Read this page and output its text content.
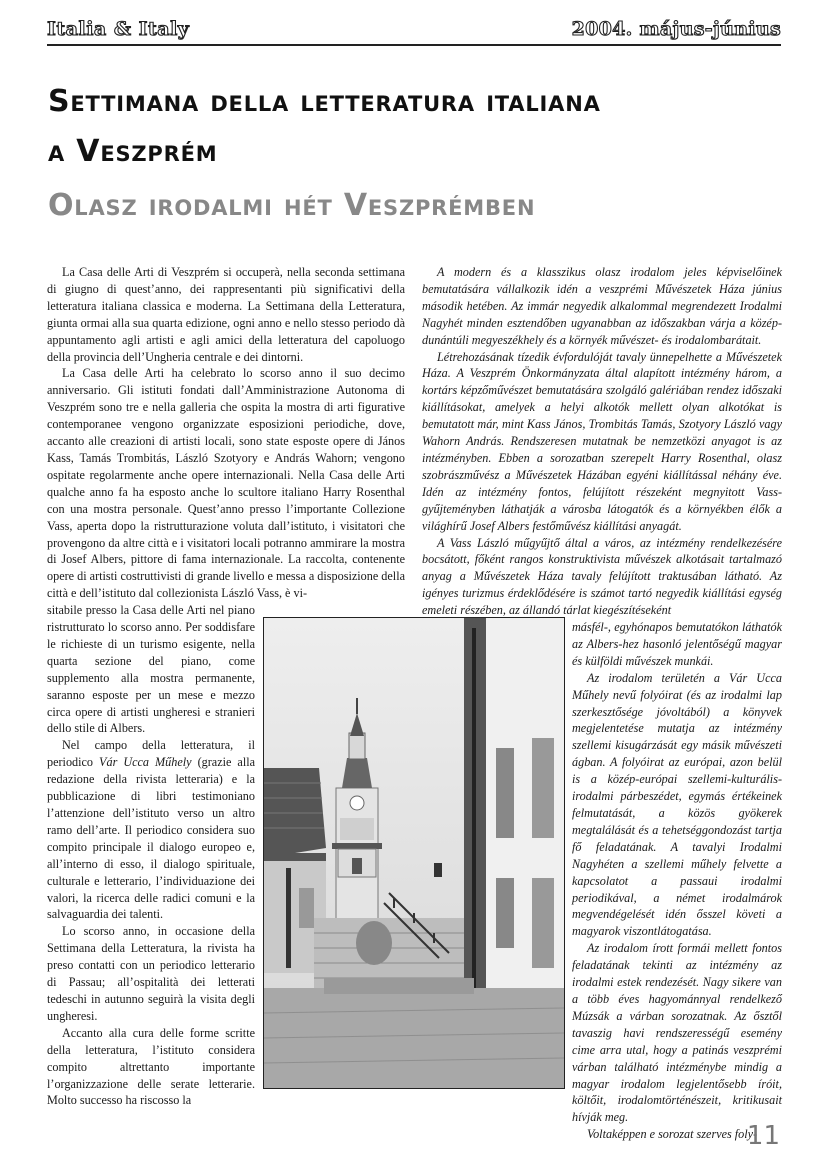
Italia & Italy	2004. május-június
Settimana della letteratura italiana
a Veszprém
Olasz irodalmi hét Veszprémben

La Casa delle Arti di Veszprém si occuperà, nella seconda settimana di giugno di quest’anno, dei rappresentanti più significativi della letteratura italiana classica e moderna. La Settimana della Letteratura, giunta ormai alla sua quarta edizione, ogni anno e nello stesso periodo dà appuntamento agli artisti e agli amici della letteratura del capoluogo della provincia dell’Ungheria centrale e dei dintorni.

La Casa delle Arti ha celebrato lo scorso anno il suo decimo anniversario. Gli istituti fondati dall’Amministrazione Autonoma di Veszprém sono tre e nella galleria che ospita la mostra di arti figurative contemporanee vengono organizzate esposizioni periodiche, dove, accanto alle creazioni di artisti locali, sono state esposte opere di János Kass, Tamás Trombitás, László Szotyory e András Wahorn; vengono ospitate regolarmente anche opere internazionali. Nella Casa delle Arti qualche anno fa ha esposto anche lo scultore italiano Harry Rosenthal con una mostra personale. Quest’anno presso l’importante Collezione Vass, aperta dopo la ristrutturazione voluta dall’istituto, i visitatori che provengono da altre città e i visitatori locali potranno ammirare la mostra di Josef Albers, pittore di fama internazionale. La raccolta, contenente opere di artisti costruttivisti di grande livello e messa a disposizione della città e dell’istituto dal collezionista László Vass, è vi-

sitabile presso la Casa delle Arti nel piano ristrutturato lo scorso anno. Per soddisfare le richieste di un turismo esigente, nella quarta sezione del piano, come supplemento alla mostra permanente, saranno esposte per un mese e mezzo circa opere di artisti ungheresi e stranieri dello stile di Albers.

Nel campo della letteratura, il periodico Vár Ucca Műhely (grazie alla redazione della rivista letteraria) e la pubblicazione di libri testimoniano l’attenzione dell’istituto verso un altro ramo dell’arte. Il periodico considera suo compito principale il dialogo europeo e, all’interno di esso, il dialogo spirituale, culturale e letterario, l’individuazione dei valori, la ricerca delle radici comuni e la salvaguardia dei talenti.

Lo scorso anno, in occasione della Settimana della Letteratura, la rivista ha preso contatti con un periodico letterario di Passau; all’ospitalità dei letterati tedeschi in autunno seguirà la visita degli ungheresi.

Accanto alla cura delle forme scritte della letteratura, l’istituto considera compito altrettanto importante l’organizzazione delle serate letterarie. Molto successo ha riscosso la

A modern és a klasszikus olasz irodalom jeles képviselőinek bemutatására vállalkozik idén a veszprémi Művészetek Háza június második hetében. Az immár negyedik alkalommal megrendezett Irodalmi Nagyhét minden esztendőben ugyanabban az időszakban várja a közép-dunántúli megyeszékhely és a környék művészet- és irodalombarátait.

Létrehozásának tízedik évfordulóját tavaly ünnepelhette a Művészetek Háza. A Veszprém Önkormányzata által alapított intézmény három, a kortárs képzőművészet bemutatására szolgáló galériában rendez időszaki kiállításokat, amelyek a helyi alkotók mellett olyan alkotókat is bemutatott már, mint Kass János, Trombitás Tamás, Szotyory László vagy Wahorn András. Rendszeresen mutatnak be nemzetközi anyagot is az intézményben. Ebben a sorozatban szerepelt Harry Rosenthal, olasz szobrászművész a Művészetek Házában egyéni kiállítással néhány éve. Idén az intézmény fontos, felújított részeként megnyitott Vass-gyűjteményben láthatják a városba látogatók és a környékben élők a világhírű Josef Albers festőművész kiállítási anyagát.

A Vass László műgyűjtő által a város, az intézmény rendelkezésére bocsátott, főként rangos konstruktivista művészek alkotásait tartalmazó anyag a Művészetek Háza tavaly felújított traktusában látható. Az igényes turizmus érdeklődésére is számot tartó negyedik kiállítási egység emeleti részében, az állandó tárlat kiegészítéseként

másfél-, egyhónapos bemutatókon láthatók az Albers-hez hasonló jelentőségű magyar és külföldi művészek munkái.

Az irodalom területén a Vár Ucca Műhely nevű folyóirat (és az irodalmi lap szerkesztősége jóvoltából) a könyvek megjelentetése mutatja az intézmény szellemi kisugárzását egy másik művészeti ágban. A folyóirat az európai, azon belül is a közép-európai szellemi-kulturális-irodalmi párbeszédet, egymás értékeinek felmutatását, a közös gyökerek megtalálását és a tehetséggondozást tartja fő feladatának. A tavalyi Irodalmi Nagyhéten a szellemi műhely felvette a kapcsolatot a passaui irodalmi periodikával, a német irodalmárok megvendégelését idén ősszel követi a magyarok viszontlátogatása.

Az irodalom írott formái mellett fontos feladatának tekinti az intézmény az irodalmi estek rendezését. Nagy sikere van a több éves hagyománnyal rendelkező Múzsák a várban sorozatnak. Az ősztől tavaszig havi rendszerességű esemény cime arra utal, hogy a patinás veszprémi várban található intézménybe mindig a magyar irodalom legjelentősebb íróit, költőit, irodalomtörténészeit, kritikusait hívják meg.

Voltaképpen e sorozat szerves foly-

11
